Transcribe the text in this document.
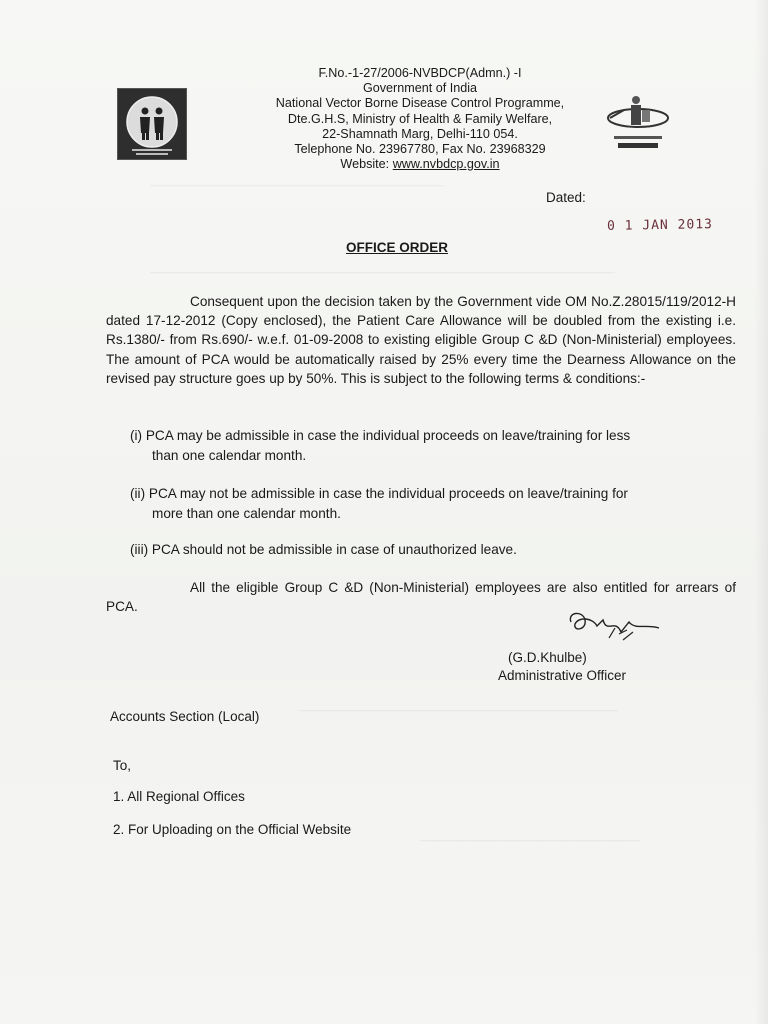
________________________________________________
____________________________________________________________________________
____________________________________________________
____________________________________
F.No.-1-27/2006-NVBDCP(Admn.) -I
Government of India
National Vector Borne Disease Control Programme,
Dte.G.H.S, Ministry of Health & Family Welfare,
22-Shamnath Marg, Delhi-110 054.
Telephone No. 23967780, Fax No. 23968329
Website: www.nvbdcp.gov.in
Dated:
0 1 JAN 2013
OFFICE ORDER
Consequent upon the decision taken by the Government vide OM No.Z.28015/119/2012-H dated 17-12-2012 (Copy enclosed), the Patient Care Allowance will be doubled from the existing i.e. Rs.1380/- from Rs.690/- w.e.f. 01-09-2008 to existing eligible Group C &D (Non-Ministerial) employees. The amount of PCA would be automatically raised by 25% every time the Dearness Allowance on the revised pay structure goes up by 50%. This is subject to the following terms & conditions:-
(i) PCA may be admissible in case the individual proceeds on leave/training for less
than one calendar month.
(ii) PCA may not be admissible in case the individual proceeds on leave/training for
more than one calendar month.
(iii) PCA should not be admissible in case of unauthorized leave.
All the eligible Group C &D (Non-Ministerial) employees are also entitled for arrears of PCA.
(G.D.Khulbe)
Administrative Officer
Accounts Section (Local)
To,
1. All Regional Offices
2. For Uploading on the Official Website
